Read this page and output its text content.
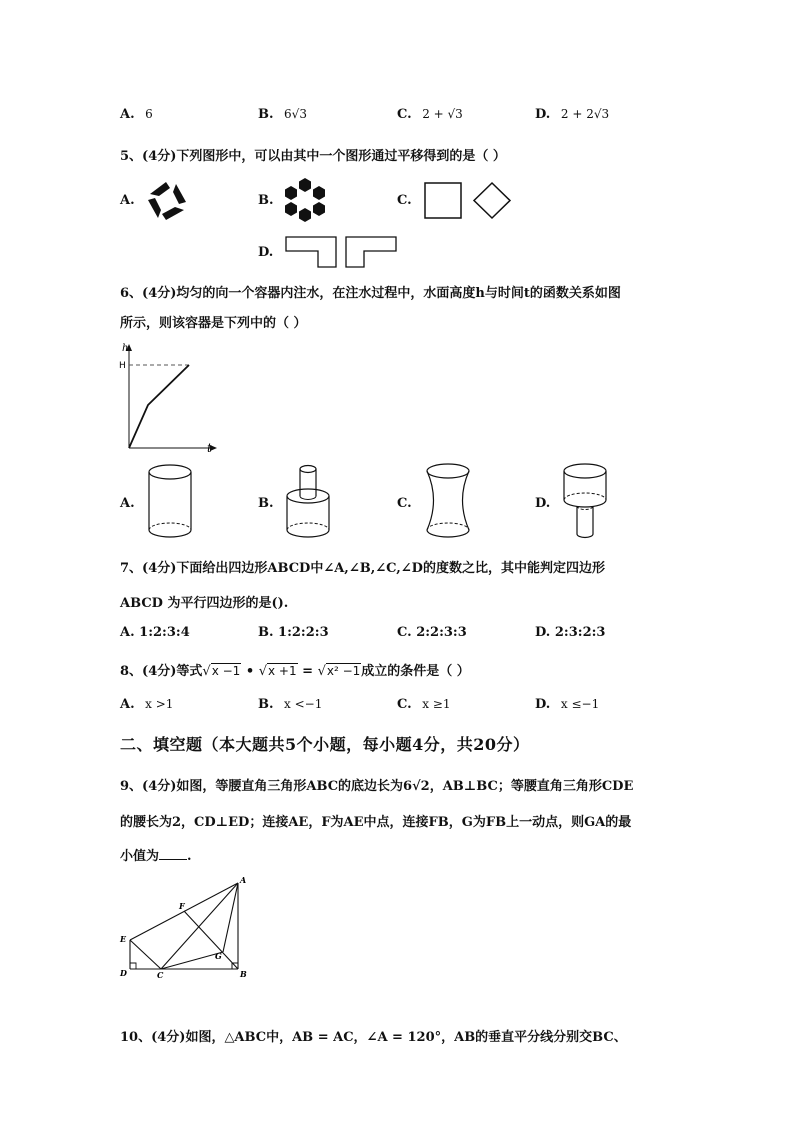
A. 6	B. 6√3	C. 2 + √3	D. 2 + 2√3
5、(4分)下列图形中，可以由其中一个图形通过平移得到的是（ ）
A.	B.	C.
D.
6、(4分)均匀的向一个容器内注水，在注水过程中，水面高度h与时间t的函数关系如图
所示，则该容器是下列中的（ ）
h
H
t
A.	B.	C.	D.
7、(4分)下面给出四边形ABCD中∠A,∠B,∠C,∠D的度数之比，其中能判定四边形
ABCD 为平行四边形的是().
A. 1:2:3:4	B. 1:2:2:3	C. 2:2:3:3	D. 2:3:2:3
8、(4分)等式√x −1 • √x +1 = √x² −1成立的条件是（ ）
A. x >1	B. x <−1	C. x ≥1	D. x ≤−1
二、填空题（本大题共5个小题，每小题4分，共20分）
9、(4分)如图，等腰直角三角形ABC的底边长为6√2，AB⊥BC；等腰直角三角形CDE
的腰长为2，CD⊥ED；连接AE，F为AE中点，连接FB，G为FB上一动点，则GA的最
小值为 .
A
B
C
D
E
F
G
10、(4分)如图，△ABC中，AB = AC，∠A = 120°，AB的垂直平分线分别交BC、
